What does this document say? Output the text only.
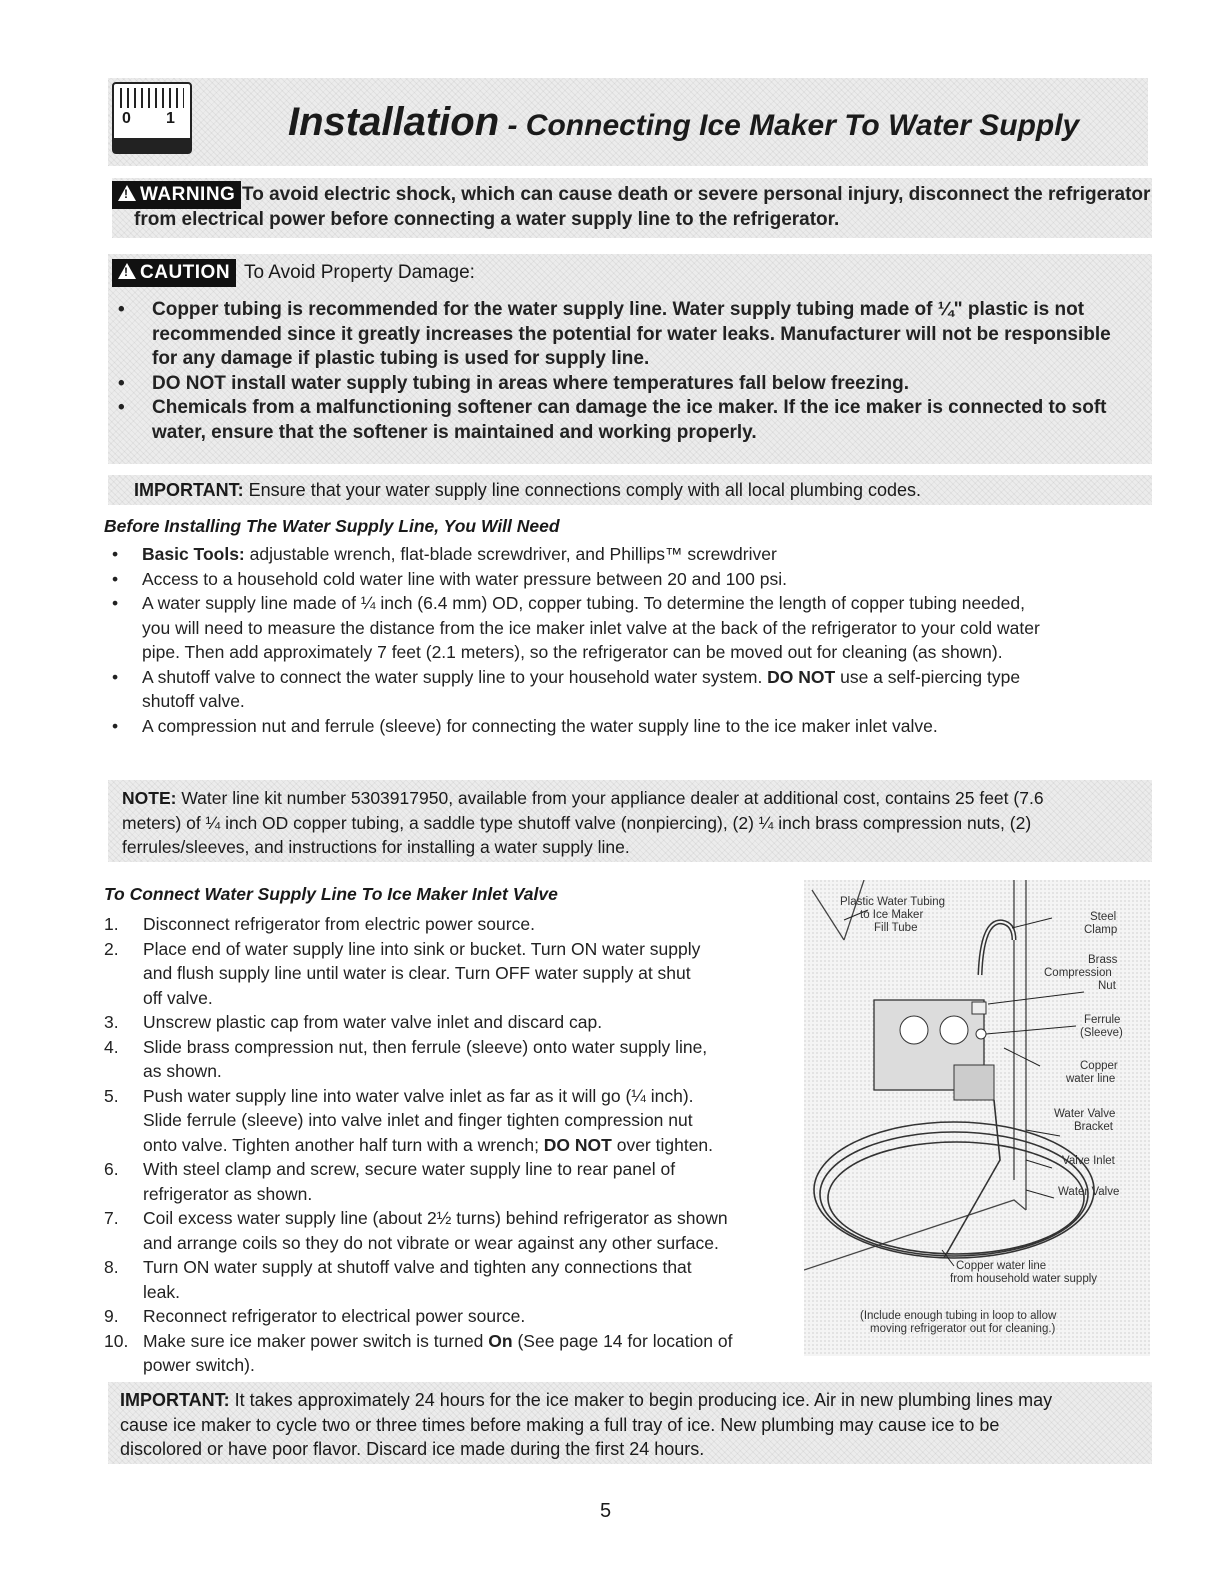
0 1	Installation - Connecting Ice Maker To Water Supply
!WARNING To avoid electric shock, which can cause death or severe personal injury, disconnect the refrigerator
from electrical power before connecting a water supply line to the refrigerator.
!CAUTION To Avoid Property Damage:
• Copper tubing is recommended for the water supply line. Water supply tubing made of ¼" plastic is not
recommended since it greatly increases the potential for water leaks. Manufacturer will not be responsible
for any damage if plastic tubing is used for supply line.
• DO NOT install water supply tubing in areas where temperatures fall below freezing.
• Chemicals from a malfunctioning softener can damage the ice maker. If the ice maker is connected to soft
water, ensure that the softener is maintained and working properly.
IMPORTANT: Ensure that your water supply line connections comply with all local plumbing codes.
Before Installing The Water Supply Line, You Will Need
• Basic Tools: adjustable wrench, flat-blade screwdriver, and Phillips™ screwdriver
• Access to a household cold water line with water pressure between 20 and 100 psi.
• A water supply line made of ¼ inch (6.4 mm) OD, copper tubing. To determine the length of copper tubing needed,
you will need to measure the distance from the ice maker inlet valve at the back of the refrigerator to your cold water
pipe. Then add approximately 7 feet (2.1 meters), so the refrigerator can be moved out for cleaning (as shown).
• A shutoff valve to connect the water supply line to your household water system. DO NOT use a self-piercing type
shutoff valve.
• A compression nut and ferrule (sleeve) for connecting the water supply line to the ice maker inlet valve.
NOTE: Water line kit number 5303917950, available from your appliance dealer at additional cost, contains 25 feet (7.6
meters) of ¼ inch OD copper tubing, a saddle type shutoff valve (nonpiercing), (2) ¼ inch brass compression nuts, (2)
ferrules/sleeves, and instructions for installing a water supply line.
To Connect Water Supply Line To Ice Maker Inlet Valve
1. Disconnect refrigerator from electric power source.
2. Place end of water supply line into sink or bucket. Turn ON water supply
and flush supply line until water is clear. Turn OFF water supply at shut
off valve.
3. Unscrew plastic cap from water valve inlet and discard cap.
4. Slide brass compression nut, then ferrule (sleeve) onto water supply line,
as shown.
5. Push water supply line into water valve inlet as far as it will go (¼ inch).
Slide ferrule (sleeve) into valve inlet and finger tighten compression nut
onto valve. Tighten another half turn with a wrench; DO NOT over tighten.
6. With steel clamp and screw, secure water supply line to rear panel of
refrigerator as shown.
7. Coil excess water supply line (about 2½ turns) behind refrigerator as shown
and arrange coils so they do not vibrate or wear against any other surface.
8. Turn ON water supply at shutoff valve and tighten any connections that
leak.
9. Reconnect refrigerator to electrical power source.
10. Make sure ice maker power switch is turned On (See page 14 for location of
power switch).
Plastic Water Tubing
to Ice Maker
Fill Tube
Steel
Clamp
Brass
Compression
Nut
Ferrule
(Sleeve)
Copper
water line
Water Valve
Bracket
Valve Inlet
Water Valve
Copper water line
from household water supply
(Include enough tubing in loop to allow
moving refrigerator out for cleaning.)
IMPORTANT: It takes approximately 24 hours for the ice maker to begin producing ice. Air in new plumbing lines may
cause ice maker to cycle two or three times before making a full tray of ice. New plumbing may cause ice to be
discolored or have poor flavor. Discard ice made during the first 24 hours.
5
